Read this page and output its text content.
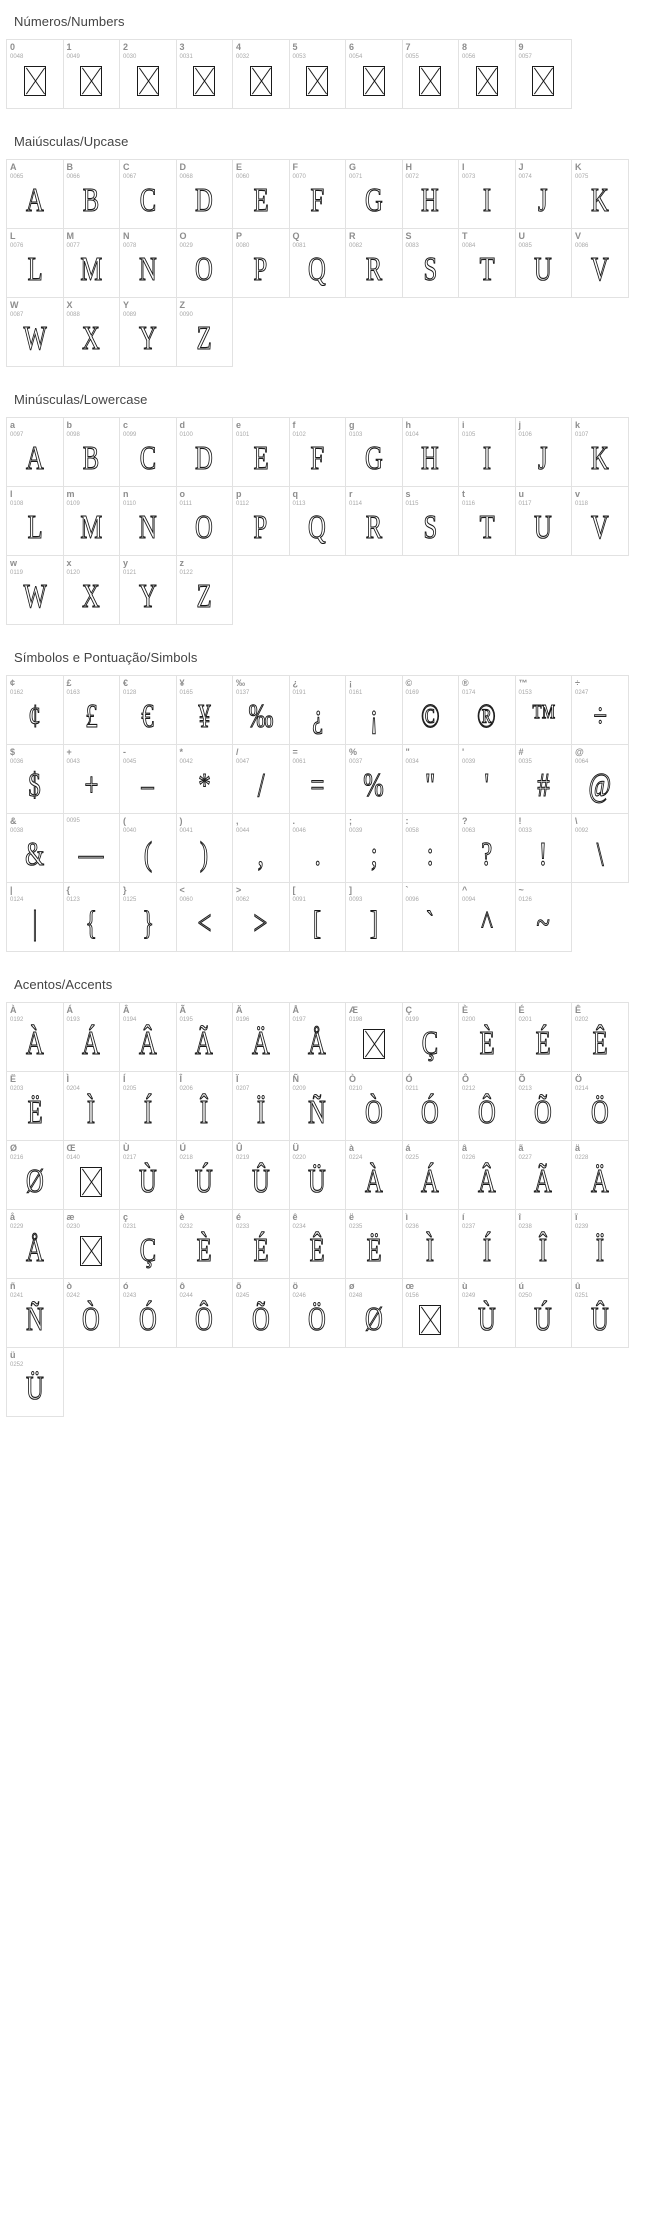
Números/Numbers
0
0048
1
0049
2
0030
3
0031
4
0032
5
0053
6
0054
7
0055
8
0056
9
0057
Maiúsculas/Upcase
A
0065
A
B
0066
B
C
0067
C
D
0068
D
E
0060
E
F
0070
F
G
0071
G
H
0072
H
I
0073
I
J
0074
J
K
0075
K
L
0076
L
M
0077
M
N
0078
N
O
0029
O
P
0080
P
Q
0081
Q
R
0082
R
S
0083
S
T
0084
T
U
0085
U
V
0086
V
W
0087
W
X
0088
X
Y
0089
Y
Z
0090
Z
Minúsculas/Lowercase
a
0097
A
b
0098
B
c
0099
C
d
0100
D
e
0101
E
f
0102
F
g
0103
G
h
0104
H
i
0105
I
j
0106
J
k
0107
K
l
0108
L
m
0109
M
n
0110
N
o
0111
O
p
0112
P
q
0113
Q
r
0114
R
s
0115
S
t
0116
T
u
0117
U
v
0118
V
w
0119
W
x
0120
X
y
0121
Y
z
0122
Z
Símbolos e Pontuação/Simbols
¢
0162
¢
£
0163
£
€
0128
€
¥
0165
¥
‰
0137
‰
¿
0191
¿
¡
0161
¡
©
0169
©
®
0174
®
™
0153
™
÷
0247
÷
$
0036
$
+
0043
+
-
0045
–
*
0042
*
/
0047
/
=
0061
=
%
0037
%
"
0034
"
'
0039
'
#
0035
#
@
0064
@
&
0038
&
0095
—
(
0040
(
)
0041
)
,
0044
,
.
0046
.
;
0039
;
:
0058
:
?
0063
?
!
0033
!
\
0092
\
|
0124
|
{
0123
{
}
0125
}
<
0060
<
>
0062
>
[
0091
[
]
0093
]
`
0096
`
^
0094
^
~
0126
~
Acentos/Accents
À
0192
À
Á
0193
Á
Â
0194
Â
Ã
0195
Ã
Ä
0196
Ä
Å
0197
Å
Æ
0198
Ç
0199
Ç
È
0200
È
É
0201
É
Ê
0202
Ê
Ë
0203
Ë
Ì
0204
Ì
Í
0205
Í
Î
0206
Î
Ï
0207
Ï
Ñ
0209
Ñ
Ò
0210
Ò
Ó
0211
Ó
Ô
0212
Ô
Õ
0213
Õ
Ö
0214
Ö
Ø
0216
Ø
Œ
0140
Ù
0217
Ù
Ú
0218
Ú
Û
0219
Û
Ü
0220
Ü
à
0224
À
á
0225
Á
â
0226
Â
ã
0227
Ã
ä
0228
Ä
å
0229
Å
æ
0230
ç
0231
Ç
è
0232
È
é
0233
É
ê
0234
Ê
ë
0235
Ë
ì
0236
Ì
í
0237
Í
î
0238
Î
ï
0239
Ï
ñ
0241
Ñ
ò
0242
Ò
ó
0243
Ó
ô
0244
Ô
õ
0245
Õ
ö
0246
Ö
ø
0248
Ø
œ
0156
ù
0249
Ù
ú
0250
Ú
û
0251
Û
ü
0252
Ü
